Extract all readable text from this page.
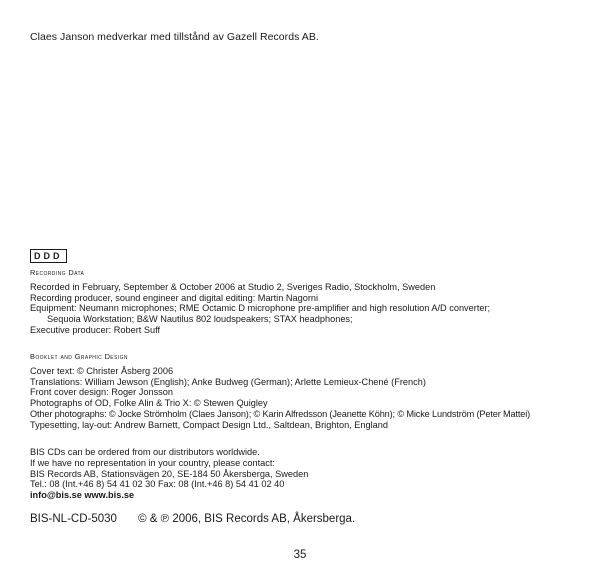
Claes Janson medverkar med tillstånd av Gazell Records AB.
DDD
Recording Data
Recorded in February, September & October 2006 at Studio 2, Sveriges Radio, Stockholm, Sweden
Recording producer, sound engineer and digital editing: Martin Nagorni
Equipment: Neumann microphones; RME Octamic D microphone pre-amplifier and high resolution A/D converter;
Sequoia Workstation; B&W Nautilus 802 loudspeakers; STAX headphones;
Executive producer: Robert Suff
Booklet and Graphic Design
Cover text: © Christer Åsberg 2006
Translations: William Jewson (English); Anke Budweg (German); Arlette Lemieux-Chené (French)
Front cover design: Roger Jonsson
Photographs of OD, Folke Alin & Trio X: © Stewen Quigley
Other photographs: © Jocke Strömholm (Claes Janson); © Karin Alfredsson (Jeanette Köhn); © Micke Lundström (Peter Mattei)
Typesetting, lay-out: Andrew Barnett, Compact Design Ltd., Saltdean, Brighton, England
BIS CDs can be ordered from our distributors worldwide.
If we have no representation in your country, please contact:
BIS Records AB, Stationsvägen 20, SE-184 50 Åkersberga, Sweden
Tel.: 08 (Int.+46 8) 54 41 02 30 Fax: 08 (Int.+46 8) 54 41 02 40
info@bis.se www.bis.se
BIS-NL-CD-5030 © & ℗ 2006, BIS Records AB, Åkersberga.
35
